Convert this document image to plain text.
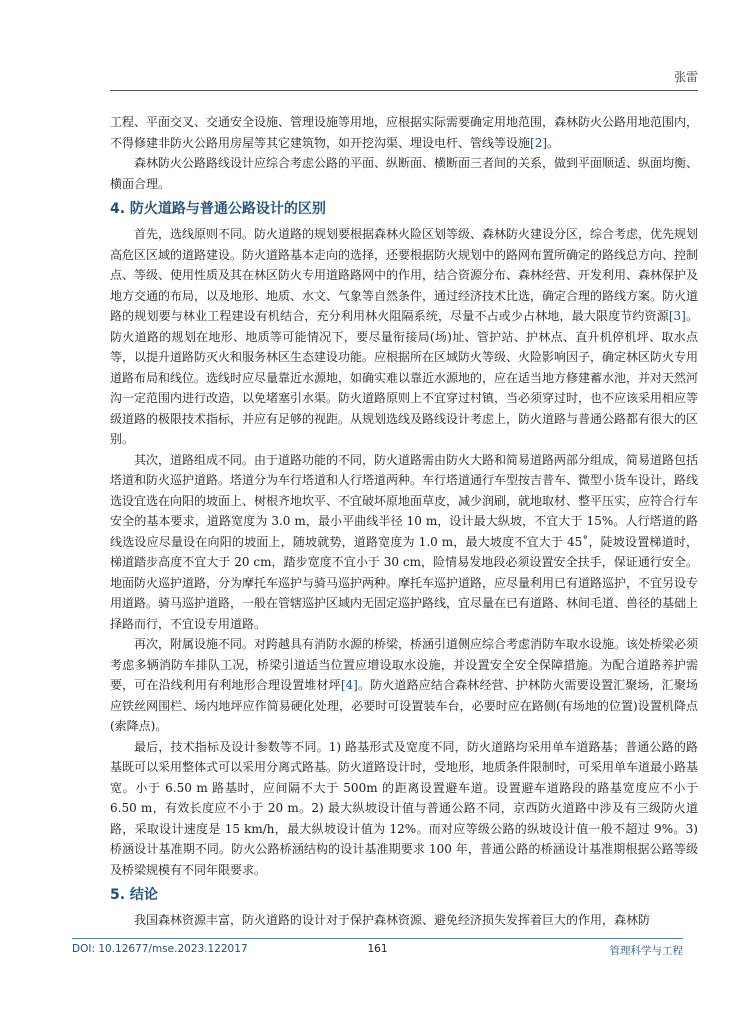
张雷

工程、平面交叉、交通安全设施、管理设施等用地，应根据实际需要确定用地范围，森林防火公路用地范围内，不得修建非防火公路用房屋等其它建筑物，如开挖沟渠、埋设电杆、管线等设施[2]。

森林防火公路路线设计应综合考虑公路的平面、纵断面、横断面三者间的关系，做到平面顺适、纵面均衡、横面合理。

4. 防火道路与普通公路设计的区别

首先，选线原则不同。防火道路的规划要根据森林火险区划等级、森林防火建设分区，综合考虑，优先规划高危区区域的道路建设。防火道路基本走向的选择，还要根据防火规划中的路网布置所确定的路线总方向、控制点、等级、使用性质及其在林区防火专用道路路网中的作用，结合资源分布、森林经营、开发利用、森林保护及地方交通的布局，以及地形、地质、水文、气象等自然条件，通过经济技术比选，确定合理的路线方案。防火道路的规划要与林业工程建设有机结合，充分利用林火阻隔系统，尽量不占或少占林地，最大限度节约资源[3]。防火道路的规划在地形、地质等可能情况下，要尽量衔接局(场)址、管护站、护林点、直升机停机坪、取水点等，以提升道路防灭火和服务林区生态建设功能。应根据所在区域防火等级、火险影响因子，确定林区防火专用道路布局和线位。选线时应尽量靠近水源地，如确实难以靠近水源地的，应在适当地方修建蓄水池，并对天然河沟一定范围内进行改造，以免堵塞引水渠。防火道路原则上不宜穿过村镇，当必须穿过时，也不应该采用相应等级道路的极限技术指标，并应有足够的视距。从规划选线及路线设计考虑上，防火道路与普通公路都有很大的区别。

其次，道路组成不同。由于道路功能的不同，防火道路需由防火大路和简易道路两部分组成，简易道路包括塔道和防火巡护道路。塔道分为车行塔道和人行塔道两种。车行塔道通行车型按吉普车、微型小货车设计，路线选设宜选在向阳的坡面上、树根齐地坎平、不宜破坏原地面草皮，减少润刷，就地取材、整平压实，应符合行车安全的基本要求，道路宽度为 3.0 m，最小平曲线半径 10 m，设计最大纵坡，不宜大于 15%。人行塔道的路线选设应尽量设在向阳的坡面上，随坡就势，道路宽度为 1.0 m，最大坡度不宜大于 45˚，陡坡设置梯道时，梯道踏步高度不宜大于 20 cm，踏步宽度不宜小于 30 cm，险情易发地段必须设置安全扶手，保证通行安全。地面防火巡护道路，分为摩托车巡护与骑马巡护两种。摩托车巡护道路，应尽量利用已有道路巡护，不宜另设专用道路。骑马巡护道路，一般在管辖巡护区域内无固定巡护路线，宜尽量在已有道路、林间毛道、兽径的基础上择路而行，不宜设专用道路。

再次，附属设施不同。对跨越具有消防水源的桥梁，桥涵引道侧应综合考虑消防车取水设施。该处桥梁必须考虑多辆消防车排队工况，桥梁引道适当位置应增设取水设施，并设置安全安全保障措施。为配合道路养护需要，可在沿线利用有利地形合理设置堆材坪[4]。防火道路应结合森林经营、护林防火需要设置汇聚场，汇聚场应铁丝网围栏、场内地坪应作简易硬化处理，必要时可设置装车台，必要时应在路侧(有场地的位置)设置机降点(索降点)。

最后，技术指标及设计参数等不同。1) 路基形式及宽度不同，防火道路均采用单车道路基；普通公路的路基既可以采用整体式可以采用分离式路基。防火道路设计时，受地形，地质条件限制时，可采用单车道最小路基宽。小于 6.50 m 路基时，应间隔不大于 500m 的距离设置避车道。设置避车道路段的路基宽度应不小于 6.50 m，有效长度应不小于 20 m。2) 最大纵坡设计值与普通公路不同，京西防火道路中涉及有三级防火道路，采取设计速度是 15 km/h，最大纵坡设计值为 12%。而对应等级公路的纵坡设计值一般不超过 9%。3) 桥涵设计基准期不同。防火公路桥涵结构的设计基准期要求 100 年，普通公路的桥涵设计基准期根据公路等级及桥梁规模有不同年限要求。

5. 结论

我国森林资源丰富，防火道路的设计对于保护森林资源、避免经济损失发挥着巨大的作用，森林防

DOI: 10.12677/mse.2023.122017	161	管理科学与工程
